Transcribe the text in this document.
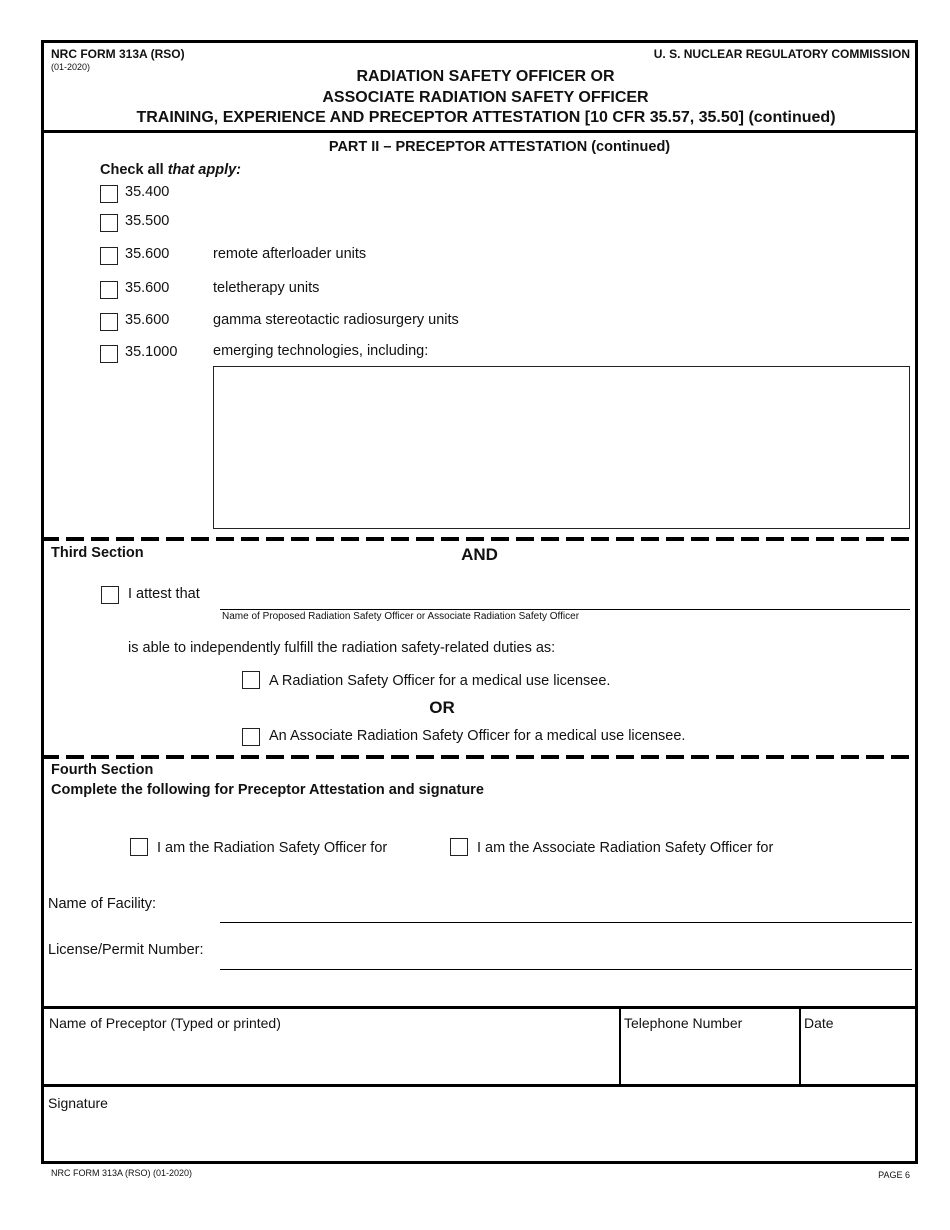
NRC FORM 313A (RSO)
(01-2020)
U. S. NUCLEAR REGULATORY COMMISSION
RADIATION SAFETY OFFICER OR
ASSOCIATE RADIATION SAFETY OFFICER
TRAINING, EXPERIENCE AND PRECEPTOR ATTESTATION [10 CFR 35.57, 35.50] (continued)
PART II – PRECEPTOR ATTESTATION (continued)
Check all that apply:
35.400
35.500
35.600	remote afterloader units
35.600	teletherapy units
35.600	gamma stereotactic radiosurgery units
35.1000 emerging technologies, including:
Third Section	AND
I attest that
Name of Proposed Radiation Safety Officer or Associate Radiation Safety Officer
is able to independently fulfill the radiation safety-related duties as:
A Radiation Safety Officer for a medical use licensee.
OR
An Associate Radiation Safety Officer for a medical use licensee.
Fourth Section
Complete the following for Preceptor Attestation and signature
I am the Radiation Safety Officer for	I am the Associate Radiation Safety Officer for
Name of Facility:
License/Permit Number:
Name of Preceptor (Typed or printed)	Telephone Number	Date
Signature
NRC FORM 313A (RSO) (01-2020)	PAGE 6
